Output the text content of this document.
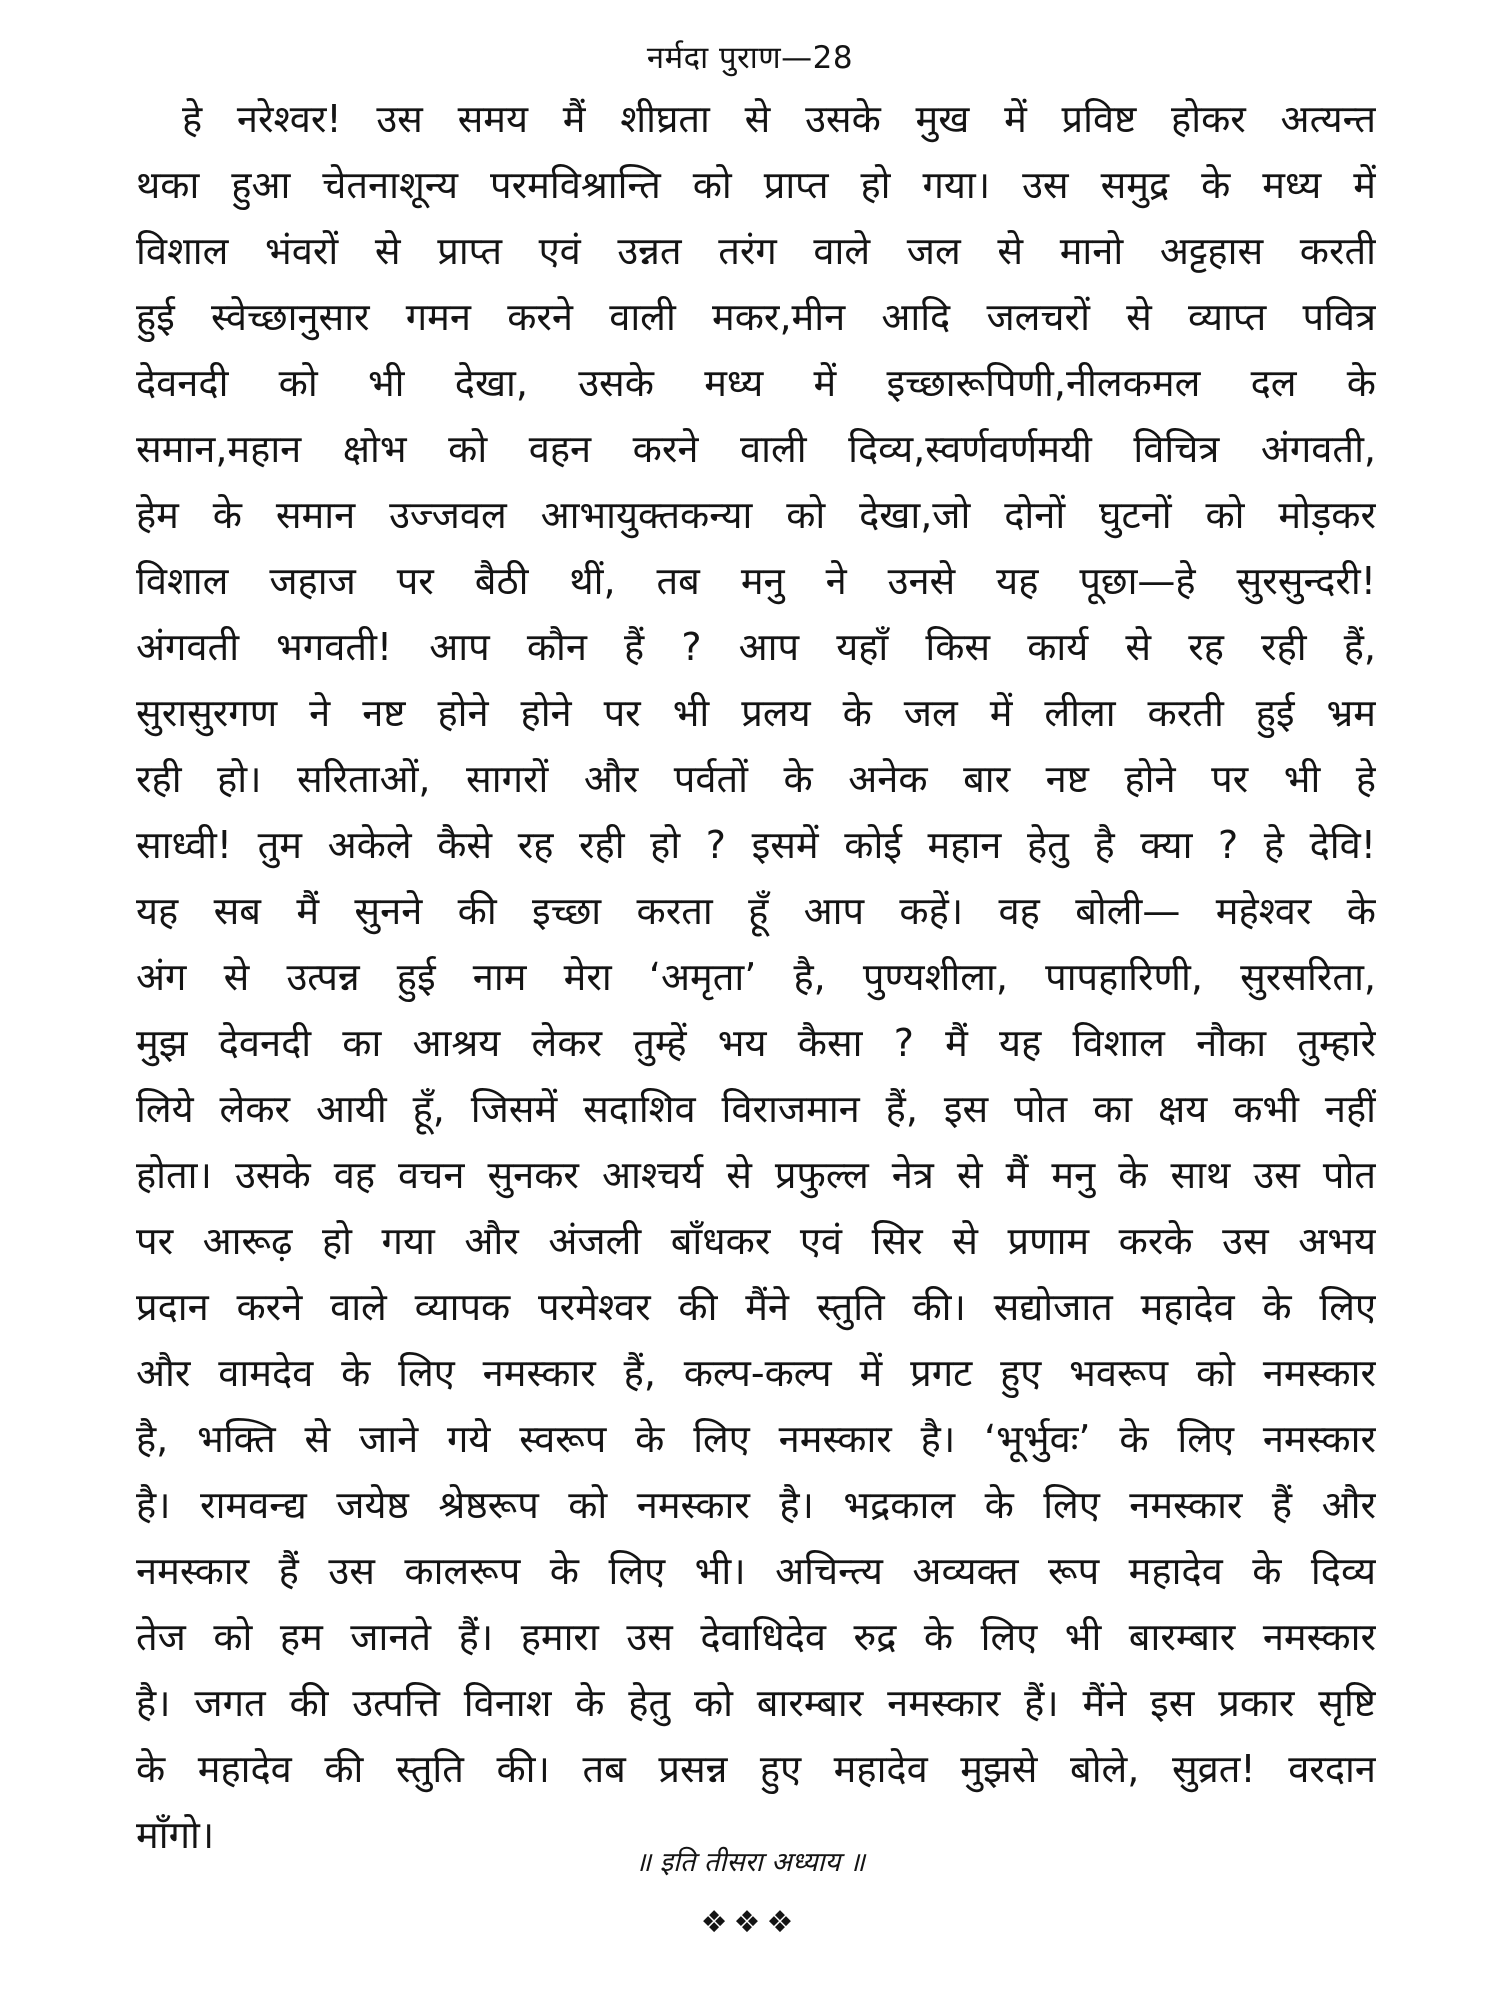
नर्मदा पुराण—28
हे नरेश्वर! उस समय मैं शीघ्रता से उसके मुख में प्रविष्ट होकर अत्यन्त
थका हुआ चेतनाशून्य परमविश्रान्ति को प्राप्त हो गया। उस समुद्र के मध्य में
विशाल भंवरों से प्राप्त एवं उन्नत तरंग वाले जल से मानो अट्टहास करती
हुई स्वेच्छानुसार गमन करने वाली मकर,मीन आदि जलचरों से व्याप्त पवित्र
देवनदी को भी देखा, उसके मध्य में इच्छारूपिणी,नीलकमल दल के
समान,महान क्षोभ को वहन करने वाली दिव्य,स्वर्णवर्णमयी विचित्र अंगवती,
हेम के समान उज्जवल आभायुक्तकन्या को देखा,जो दोनों घुटनों को मोड़कर
विशाल जहाज पर बैठी थीं, तब मनु ने उनसे यह पूछा—हे सुरसुन्दरी!
अंगवती भगवती! आप कौन हैं ? आप यहाँ किस कार्य से रह रही हैं,
सुरासुरगण ने नष्ट होने होने पर भी प्रलय के जल में लीला करती हुई भ्रम
रही हो। सरिताओं, सागरों और पर्वतों के अनेक बार नष्ट होने पर भी हे
साध्वी! तुम अकेले कैसे रह रही हो ? इसमें कोई महान हेतु है क्या ? हे देवि!
यह सब मैं सुनने की इच्छा करता हूँ आप कहें। वह बोली— महेश्वर के
अंग से उत्पन्न हुई नाम मेरा ‘अमृता’ है, पुण्यशीला, पापहारिणी, सुरसरिता,
मुझ देवनदी का आश्रय लेकर तुम्हें भय कैसा ? मैं यह विशाल नौका तुम्हारे
लिये लेकर आयी हूँ, जिसमें सदाशिव विराजमान हैं, इस पोत का क्षय कभी नहीं
होता। उसके वह वचन सुनकर आश्चर्य से प्रफुल्ल नेत्र से मैं मनु के साथ उस पोत
पर आरूढ़ हो गया और अंजली बाँधकर एवं सिर से प्रणाम करके उस अभय
प्रदान करने वाले व्यापक परमेश्वर की मैंने स्तुति की। सद्योजात महादेव के लिए
और वामदेव के लिए नमस्कार हैं, कल्प-कल्प में प्रगट हुए भवरूप को नमस्कार
है, भक्ति से जाने गये स्वरूप के लिए नमस्कार है। ‘भूर्भुवः’ के लिए नमस्कार
है। रामवन्द्य जयेष्ठ श्रेष्ठरूप को नमस्कार है। भद्रकाल के लिए नमस्कार हैं और
नमस्कार हैं उस कालरूप के लिए भी। अचिन्त्य अव्यक्त रूप महादेव के दिव्य
तेज को हम जानते हैं। हमारा उस देवाधिदेव रुद्र के लिए भी बारम्बार नमस्कार
है। जगत की उत्पत्ति विनाश के हेतु को बारम्बार नमस्कार हैं। मैंने इस प्रकार सृष्टि
के महादेव की स्तुति की। तब प्रसन्न हुए महादेव मुझसे बोले, सुव्रत! वरदान
माँगो।
॥ इति तीसरा अध्याय ॥
❖❖❖
